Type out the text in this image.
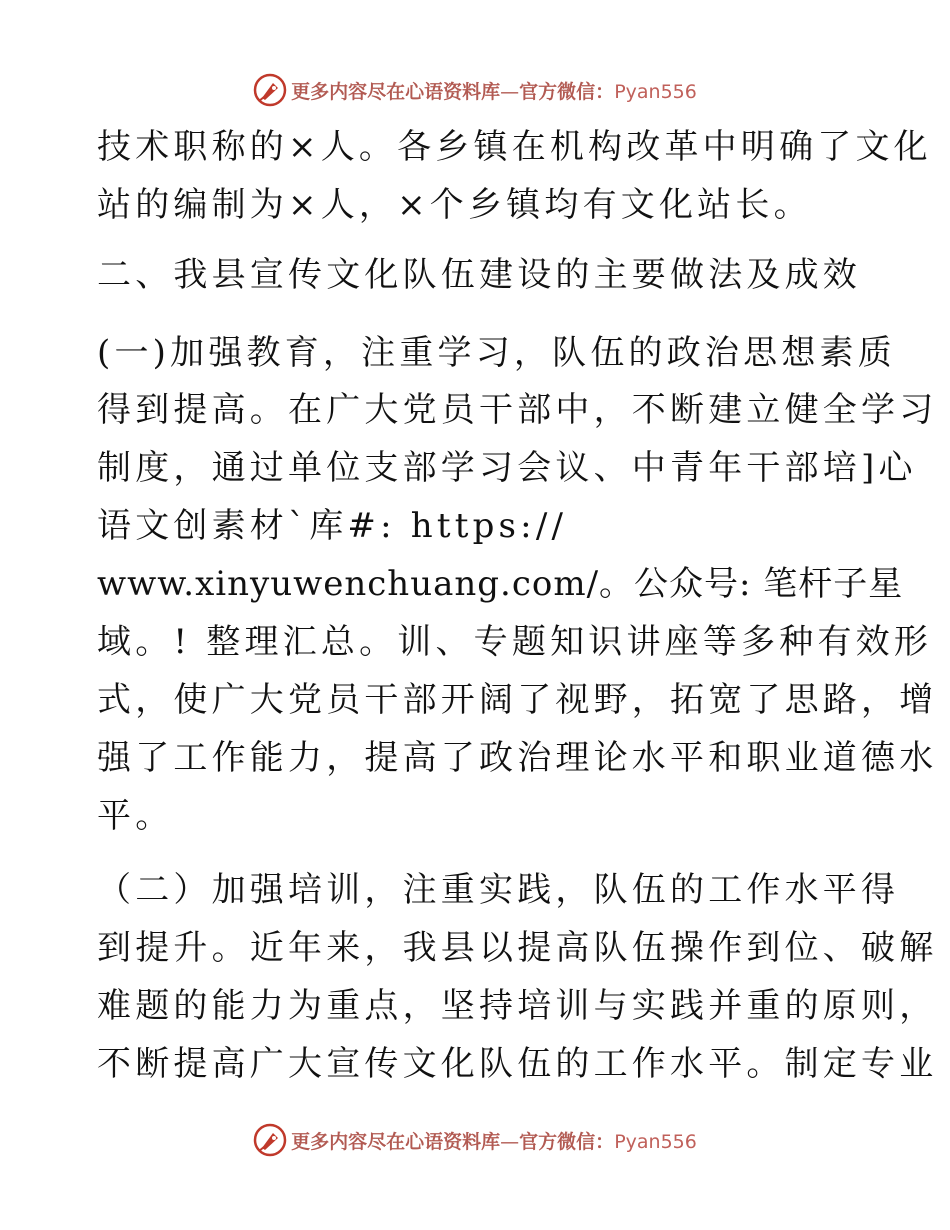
更多内容尽在心语资料库—官方微信：Pyan556
技术职称的×人。各乡镇在机构改革中明确了文化
站的编制为×人，×个乡镇均有文化站长。
二、我县宣传文化队伍建设的主要做法及成效
(一)加强教育，注重学习，队伍的政治思想素质
得到提高。在广大党员干部中，不断建立健全学习
制度，通过单位支部学习会议、中青年干部培]心
语文创素材`库#: https://
www.xinyuwenchuang.com/。公众号: 笔杆子星
域。! 整理汇总。训、专题知识讲座等多种有效形
式，使广大党员干部开阔了视野，拓宽了思路，增
强了工作能力，提高了政治理论水平和职业道德水
平。
（二）加强培训，注重实践，队伍的工作水平得
到提升。近年来，我县以提高队伍操作到位、破解
难题的能力为重点，坚持培训与实践并重的原则，
不断提高广大宣传文化队伍的工作水平。制定专业
更多内容尽在心语资料库—官方微信：Pyan556
